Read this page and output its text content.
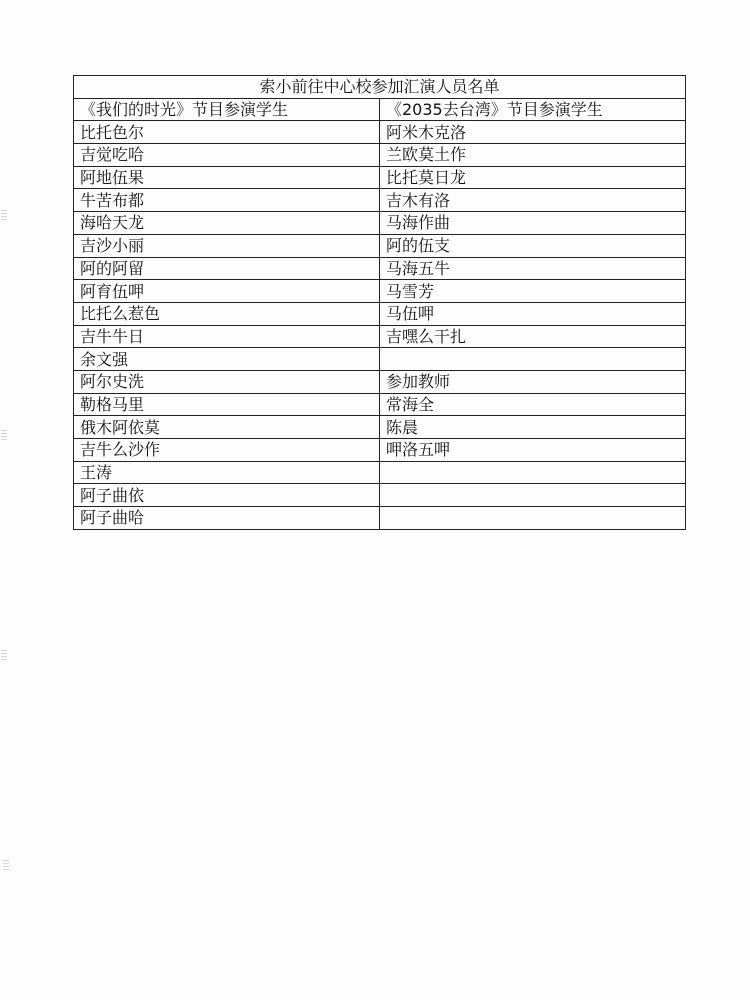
索小前往中心校参加汇演人员名单	
《我们的时光》节目参演学生	《2035去台湾》节目参演学生
比托色尔	阿米木克洛
吉觉吃哈	兰欧莫土作
阿地伍果	比托莫日龙
牛苦布都	吉木有洛
海哈天龙	马海作曲
吉沙小丽	阿的伍支
阿的阿留	马海五牛
阿育伍呷	马雪芳
比托么惹色	马伍呷
吉牛牛日	吉嘿么干扎
余文强	
阿尔史洗	参加教师
勒格马里	常海全
俄木阿依莫	陈晨
吉牛么沙作	呷洛五呷
王涛	
阿子曲依	
阿子曲哈	
